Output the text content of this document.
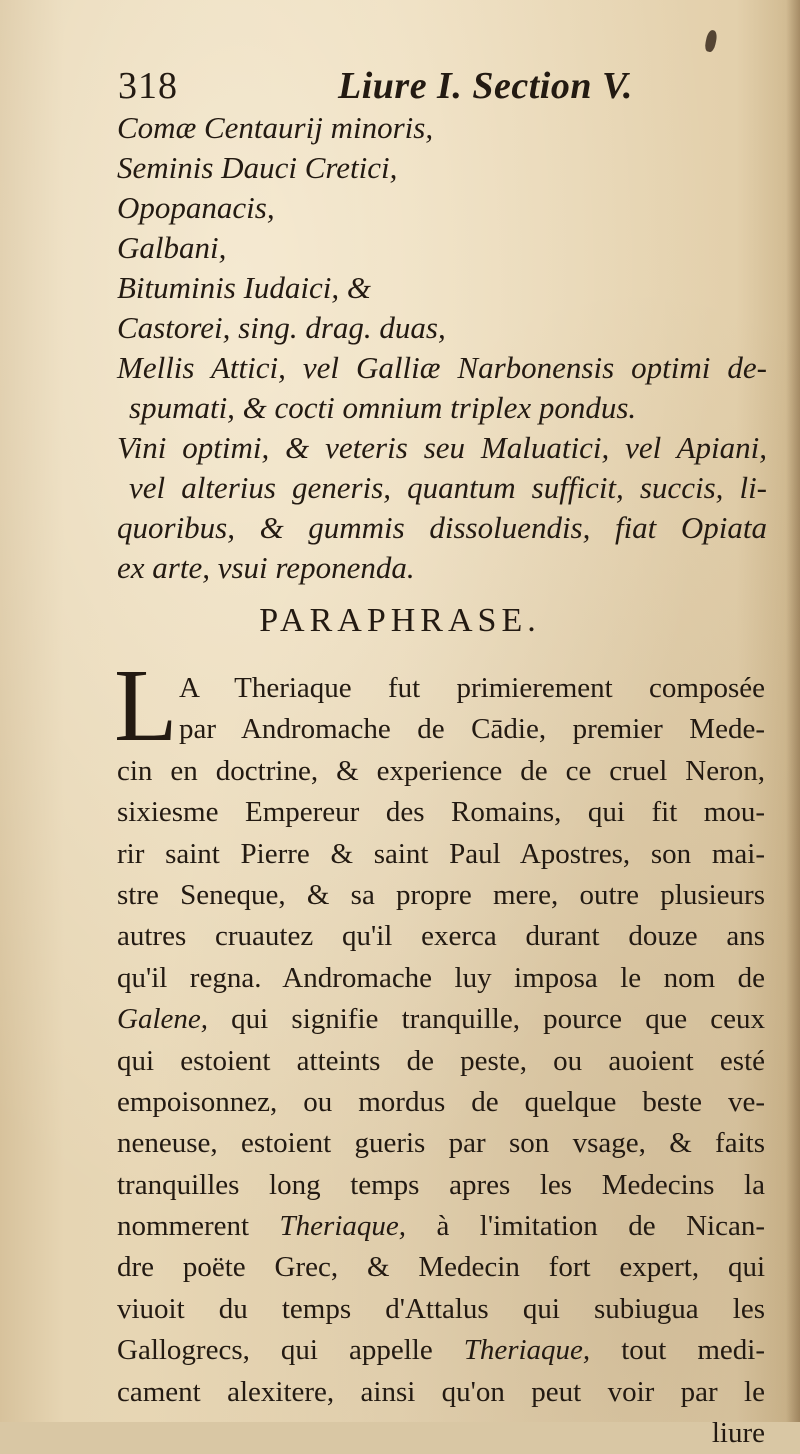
318	Liure I. Section V.
Comæ Centaurij minoris,
Seminis Dauci Cretici,
Opopanacis,
Galbani,
Bituminis Iudaici, &
Castorei, sing. drag. duas,
Mellis Attici, vel Galliæ Narbonensis optimi de-
spumati, & cocti omnium triplex pondus.
Vini optimi, & veteris seu Maluatici, vel Apiani,
vel alterius generis, quantum sufficit, succis, li-
quoribus, & gummis dissoluendis, fiat Opiata
ex arte, vsui reponenda.
PARAPHRASE.
L A Theriaque fut primierement composée
par Andromache de Cādie, premier Mede-
cin en doctrine, & experience de ce cruel Neron,
sixiesme Empereur des Romains, qui fit mou-
rir saint Pierre & saint Paul Apostres, son mai-
stre Seneque, & sa propre mere, outre plusieurs
autres cruautez qu'il exerca durant douze ans
qu'il regna. Andromache luy imposa le nom de
Galene, qui signifie tranquille, pource que ceux
qui estoient atteints de peste, ou auoient esté
empoisonnez, ou mordus de quelque beste ve-
neneuse, estoient gueris par son vsage, & faits
tranquilles long temps apres les Medecins la
nommerent Theriaque, à l'imitation de Nican-
dre poëte Grec, & Medecin fort expert, qui
viuoit du temps d'Attalus qui subiugua les
Gallogrecs, qui appelle Theriaque, tout medi-
cament alexitere, ainsi qu'on peut voir par le
liure
